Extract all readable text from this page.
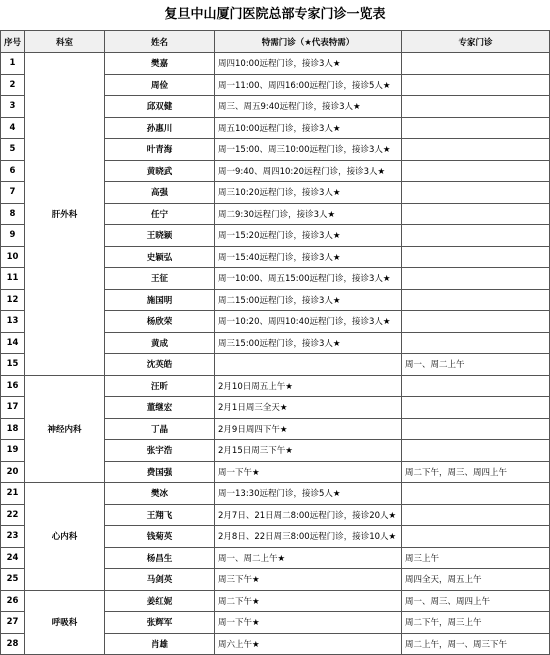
复旦中山厦门医院总部专家门诊一览表
序号	科室	姓名	特需门诊（★代表特需）	专家门诊
1	肝外科	樊嘉	周四10:00远程门诊，接诊3人★	
2		周俭	周一11:00、周四16:00远程门诊，接诊5人★	
3		邱双健	周三、周五9:40远程门诊，接诊3人★	
4		孙惠川	周五10:00远程门诊，接诊3人★	
5		叶青海	周一15:00、周三10:00远程门诊，接诊3人★	
6		黄晓武	周一9:40、周四10:20远程门诊，接诊3人★	
7		高强	周三10:20远程门诊，接诊3人★	
8		任宁	周二9:30远程门诊，接诊3人★	
9		王晓颖	周一15:20远程门诊，接诊3人★	
10		史颖弘	周一15:40远程门诊，接诊3人★	
11		王征	周一10:00、周五15:00远程门诊，接诊3人★	
12		施国明	周二15:00远程门诊，接诊3人★	
13		杨欣荣	周一10:20、周四10:40远程门诊，接诊3人★	
14		黄成	周三15:00远程门诊，接诊3人★	
15		沈英皓		周一、周二上午
16	神经内科	汪昕	2月10日周五上午★	
17		董继宏	2月1日周三全天★	
18		丁晶	2月9日周四下午★	
19		张宇浩	2月15日周三下午★	
20		费国强	周一下午★	周二下午，周三、周四上午
21	心内科	樊冰	周一13:30远程门诊，接诊5人★	
22		王翔飞	2月7日、21日周二8:00远程门诊，接诊20人★	
23		钱菊英	2月8日、22日周三8:00远程门诊，接诊10人★	
24		杨昌生	周一、周二上午★	周三上午
25		马剑英	周三下午★	周四全天，周五上午
26	呼吸科	姜红妮	周二下午★	周一、周三、周四上午
27		张辉军	周一下午★	周二下午，周三上午
28		肖雄	周六上午★	周二上午，周一、周三下午
